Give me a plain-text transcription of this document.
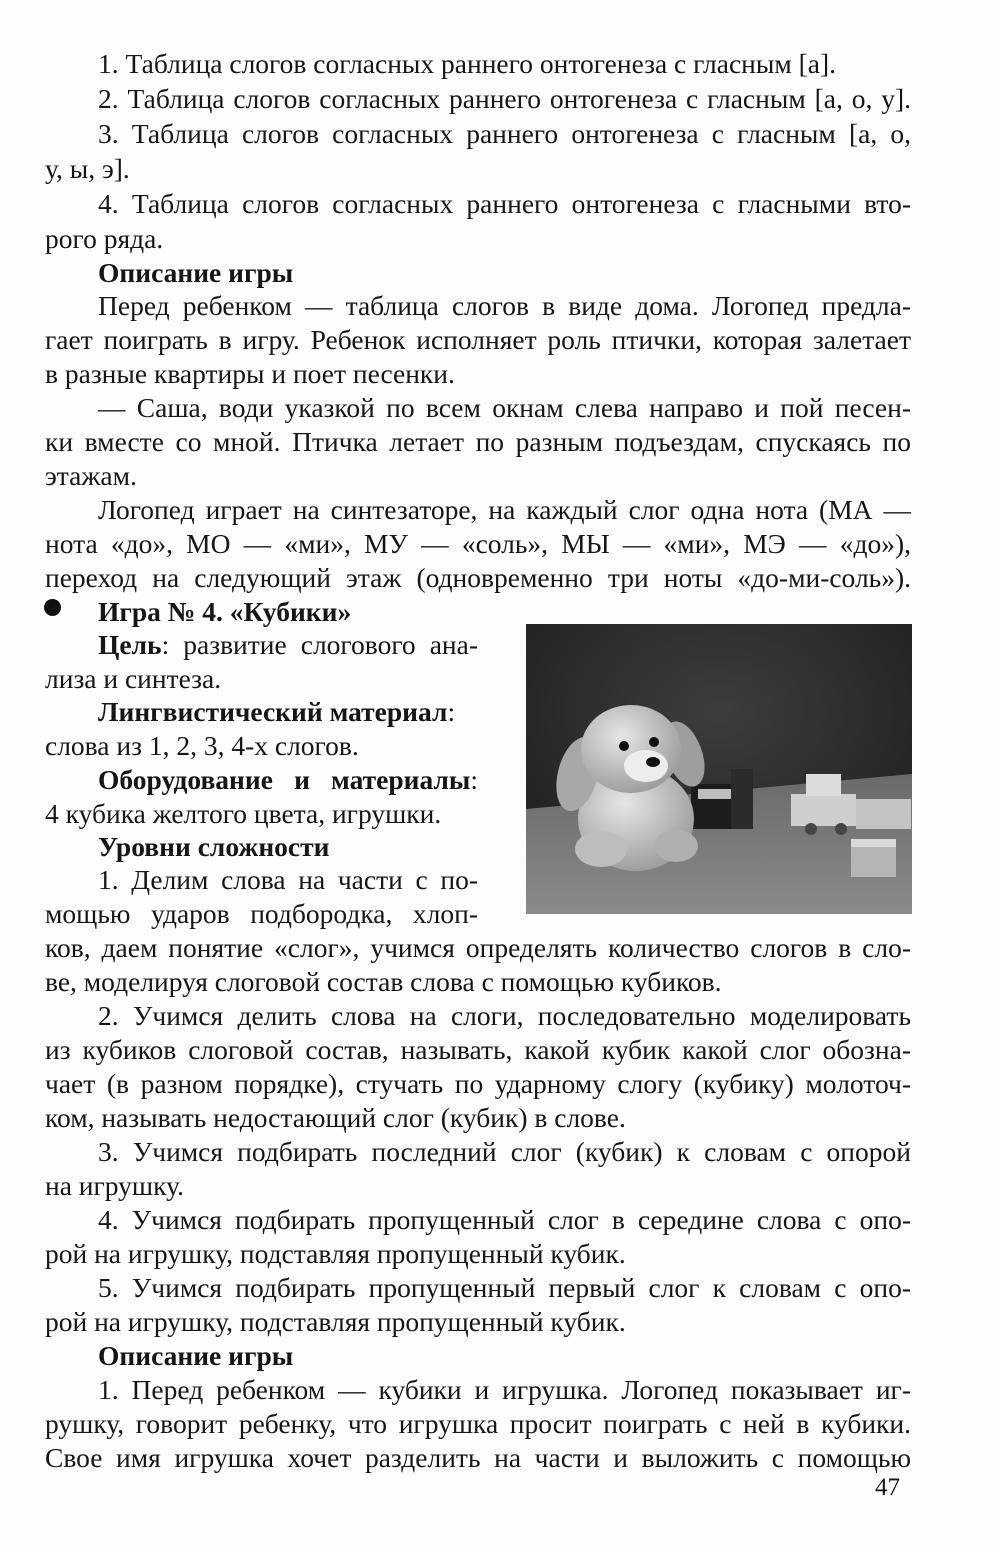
1. Таблица слогов согласных раннего онтогенеза с гласным [а].
2. Таблица слогов согласных раннего онтогенеза с гласным [а, о, у].
3. Таблица слогов согласных раннего онтогенеза с гласным [а, о,
у, ы, э].
4. Таблица слогов согласных раннего онтогенеза с гласными вто-
рого ряда.
Описание игры
Перед ребенком — таблица слогов в виде дома. Логопед предла-
гает поиграть в игру. Ребенок исполняет роль птички, которая залетает
в разные квартиры и поет песенки.
— Саша, води указкой по всем окнам слева направо и пой песен-
ки вместе со мной. Птичка летает по разным подъездам, спускаясь по
этажам.
Логопед играет на синтезаторе, на каждый слог одна нота (МА —
нота «до», МО — «ми», МУ — «соль», МЫ — «ми», МЭ — «до»),
переход на следующий этаж (одновременно три ноты «до-ми-соль»).
Игра № 4. «Кубики»
Цель: развитие слогового ана-
лиза и синтеза.
Лингвистический материал:
слова из 1, 2, 3, 4-х слогов.
Оборудование и материалы:
4 кубика желтого цвета, игрушки.
Уровни сложности
1. Делим слова на части с по-
мощью ударов подбородка, хлоп-
ков, даем понятие «слог», учимся определять количество слогов в сло-
ве, моделируя слоговой состав слова с помощью кубиков.
2. Учимся делить слова на слоги, последовательно моделировать
из кубиков слоговой состав, называть, какой кубик какой слог обозна-
чает (в разном порядке), стучать по ударному слогу (кубику) молоточ-
ком, называть недостающий слог (кубик) в слове.
3. Учимся подбирать последний слог (кубик) к словам с опорой
на игрушку.
4. Учимся подбирать пропущенный слог в середине слова с опо-
рой на игрушку, подставляя пропущенный кубик.
5. Учимся подбирать пропущенный первый слог к словам с опо-
рой на игрушку, подставляя пропущенный кубик.
Описание игры
1. Перед ребенком — кубики и игрушка. Логопед показывает иг-
рушку, говорит ребенку, что игрушка просит поиграть с ней в кубики.
Свое имя игрушка хочет разделить на части и выложить с помощью
47
